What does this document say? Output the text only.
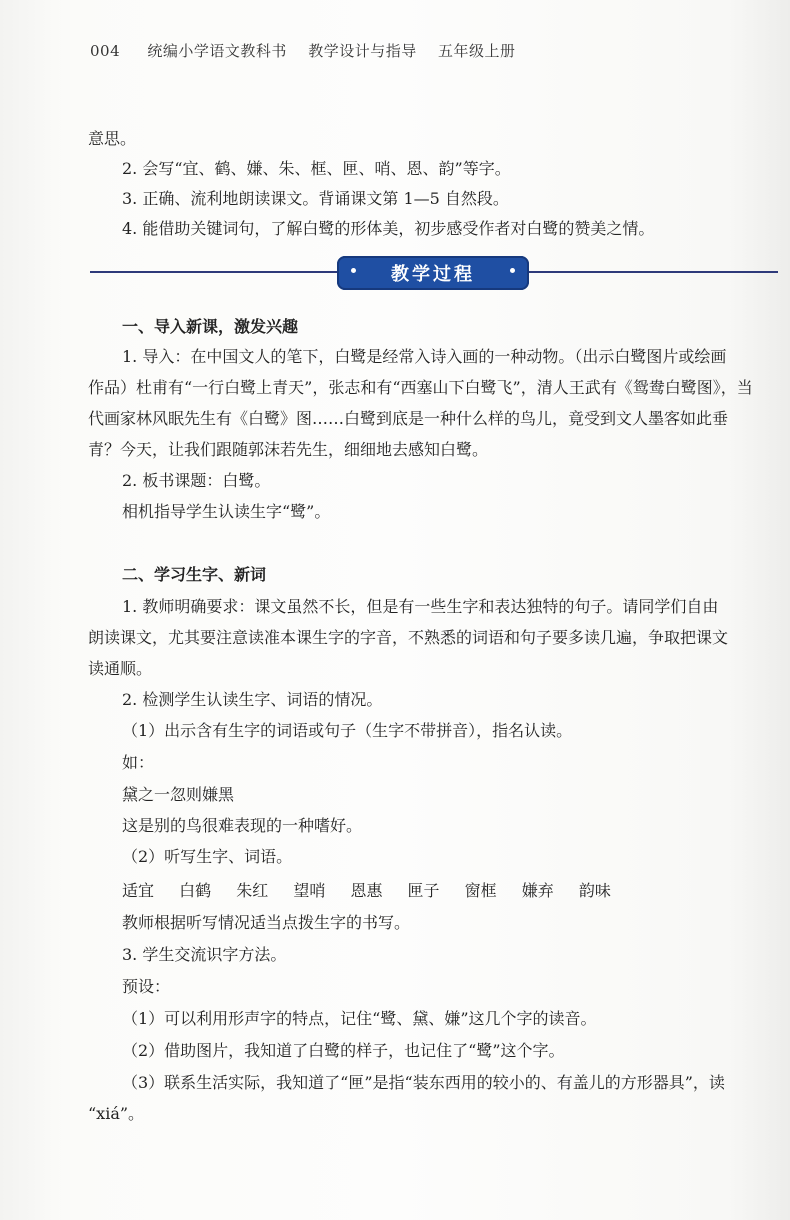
004 统编小学语文教科书 教学设计与指导 五年级上册
意思。
2. 会写“宜、鹤、嫌、朱、框、匣、哨、恩、韵”等字。
3. 正确、流利地朗读课文。背诵课文第 1—5 自然段。
4. 能借助关键词句，了解白鹭的形体美，初步感受作者对白鹭的赞美之情。
教学过程
一、导入新课，激发兴趣
1. 导入：在中国文人的笔下，白鹭是经常入诗入画的一种动物。（出示白鹭图片或绘画
作品）杜甫有“一行白鹭上青天”，张志和有“西塞山下白鹭飞”，清人王武有《鸳鸯白鹭图》，当
代画家林风眠先生有《白鹭》图……白鹭到底是一种什么样的鸟儿，竟受到文人墨客如此垂
青？今天，让我们跟随郭沫若先生，细细地去感知白鹭。
2. 板书课题：白鹭。
相机指导学生认读生字“鹭”。
二、学习生字、新词
1. 教师明确要求：课文虽然不长，但是有一些生字和表达独特的句子。请同学们自由
朗读课文，尤其要注意读准本课生字的字音，不熟悉的词语和句子要多读几遍，争取把课文
读通顺。
2. 检测学生认读生字、词语的情况。
（1）出示含有生字的词语或句子（生字不带拼音），指名认读。
如：
黛之一忽则嫌黑
这是别的鸟很难表现的一种嗜好。
（2）听写生字、词语。
适宜 白鹤 朱红 望哨 恩惠 匣子 窗框 嫌弃 韵味
教师根据听写情况适当点拨生字的书写。
3. 学生交流识字方法。
预设：
（1）可以利用形声字的特点，记住“鹭、黛、嫌”这几个字的读音。
（2）借助图片，我知道了白鹭的样子，也记住了“鹭”这个字。
（3）联系生活实际，我知道了“匣”是指“装东西用的较小的、有盖儿的方形器具”，读
“xiá”。
